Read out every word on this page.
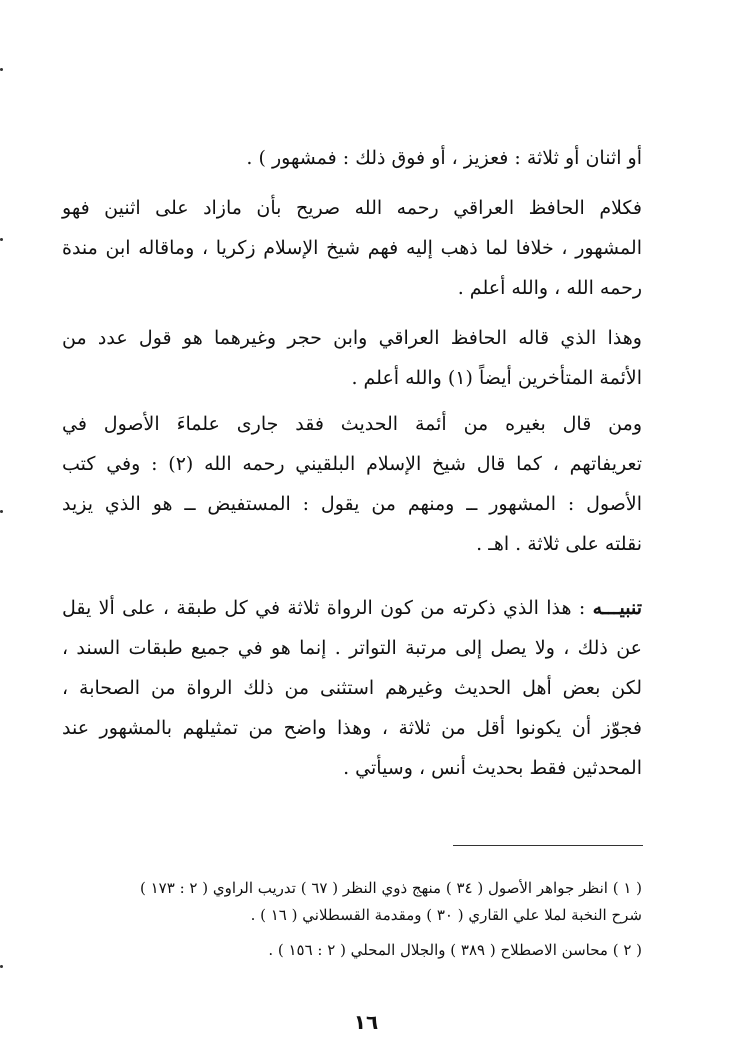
أو اثنان أو ثلاثة : فعزيز ، أو فوق ذلك : فمشهور ) .

فكلام الحافظ العراقي رحمه الله صريح بأن مازاد على اثنين فهو

المشهور ، خلافا لما ذهب إليه فهم شيخ الإسلام زكريا ، وماقاله ابن مندة

رحمه الله ، والله أعلم .

وهذا الذي قاله الحافظ العراقي وابن حجر وغيرهما هو قول عدد من

الأئمة المتأخرين أيضاً (١) والله أعلم .

ومن قال بغيره من أئمة الحديث فقد جارى علماءَ الأصول في

تعريفاتهم ، كما قال شيخ الإسلام البلقيني رحمه الله (٢) : وفي كتب

الأصول : المشهور ــ ومنهم من يقول : المستفيض ــ هو الذي يزيد

نقلته على ثلاثة . اهـ .

تنبيـــه : هذا الذي ذكرته من كون الرواة ثلاثة في كل طبقة ، على ألا يقل

عن ذلك ، ولا يصل إلى مرتبة التواتر . إنما هو في جميع طبقات السند ،

لكن بعض أهل الحديث وغيرهم استثنى من ذلك الرواة من الصحابة ،

فجوّز أن يكونوا أقل من ثلاثة ، وهذا واضح من تمثيلهم بالمشهور عند

المحدثين فقط بحديث أنس ، وسيأتي .

( ١ ) انظر جواهر الأصول ( ٣٤ ) منهج ذوي النظر ( ٦٧ ) تدريب الراوي ( ٢ : ١٧٣ )

شرح النخبة لملا علي القاري ( ٣٠ ) ومقدمة القسطلاني ( ١٦ ) .

( ٢ ) محاسن الاصطلاح ( ٣٨٩ ) والجلال المحلي ( ٢ : ١٥٦ ) .

١٦
